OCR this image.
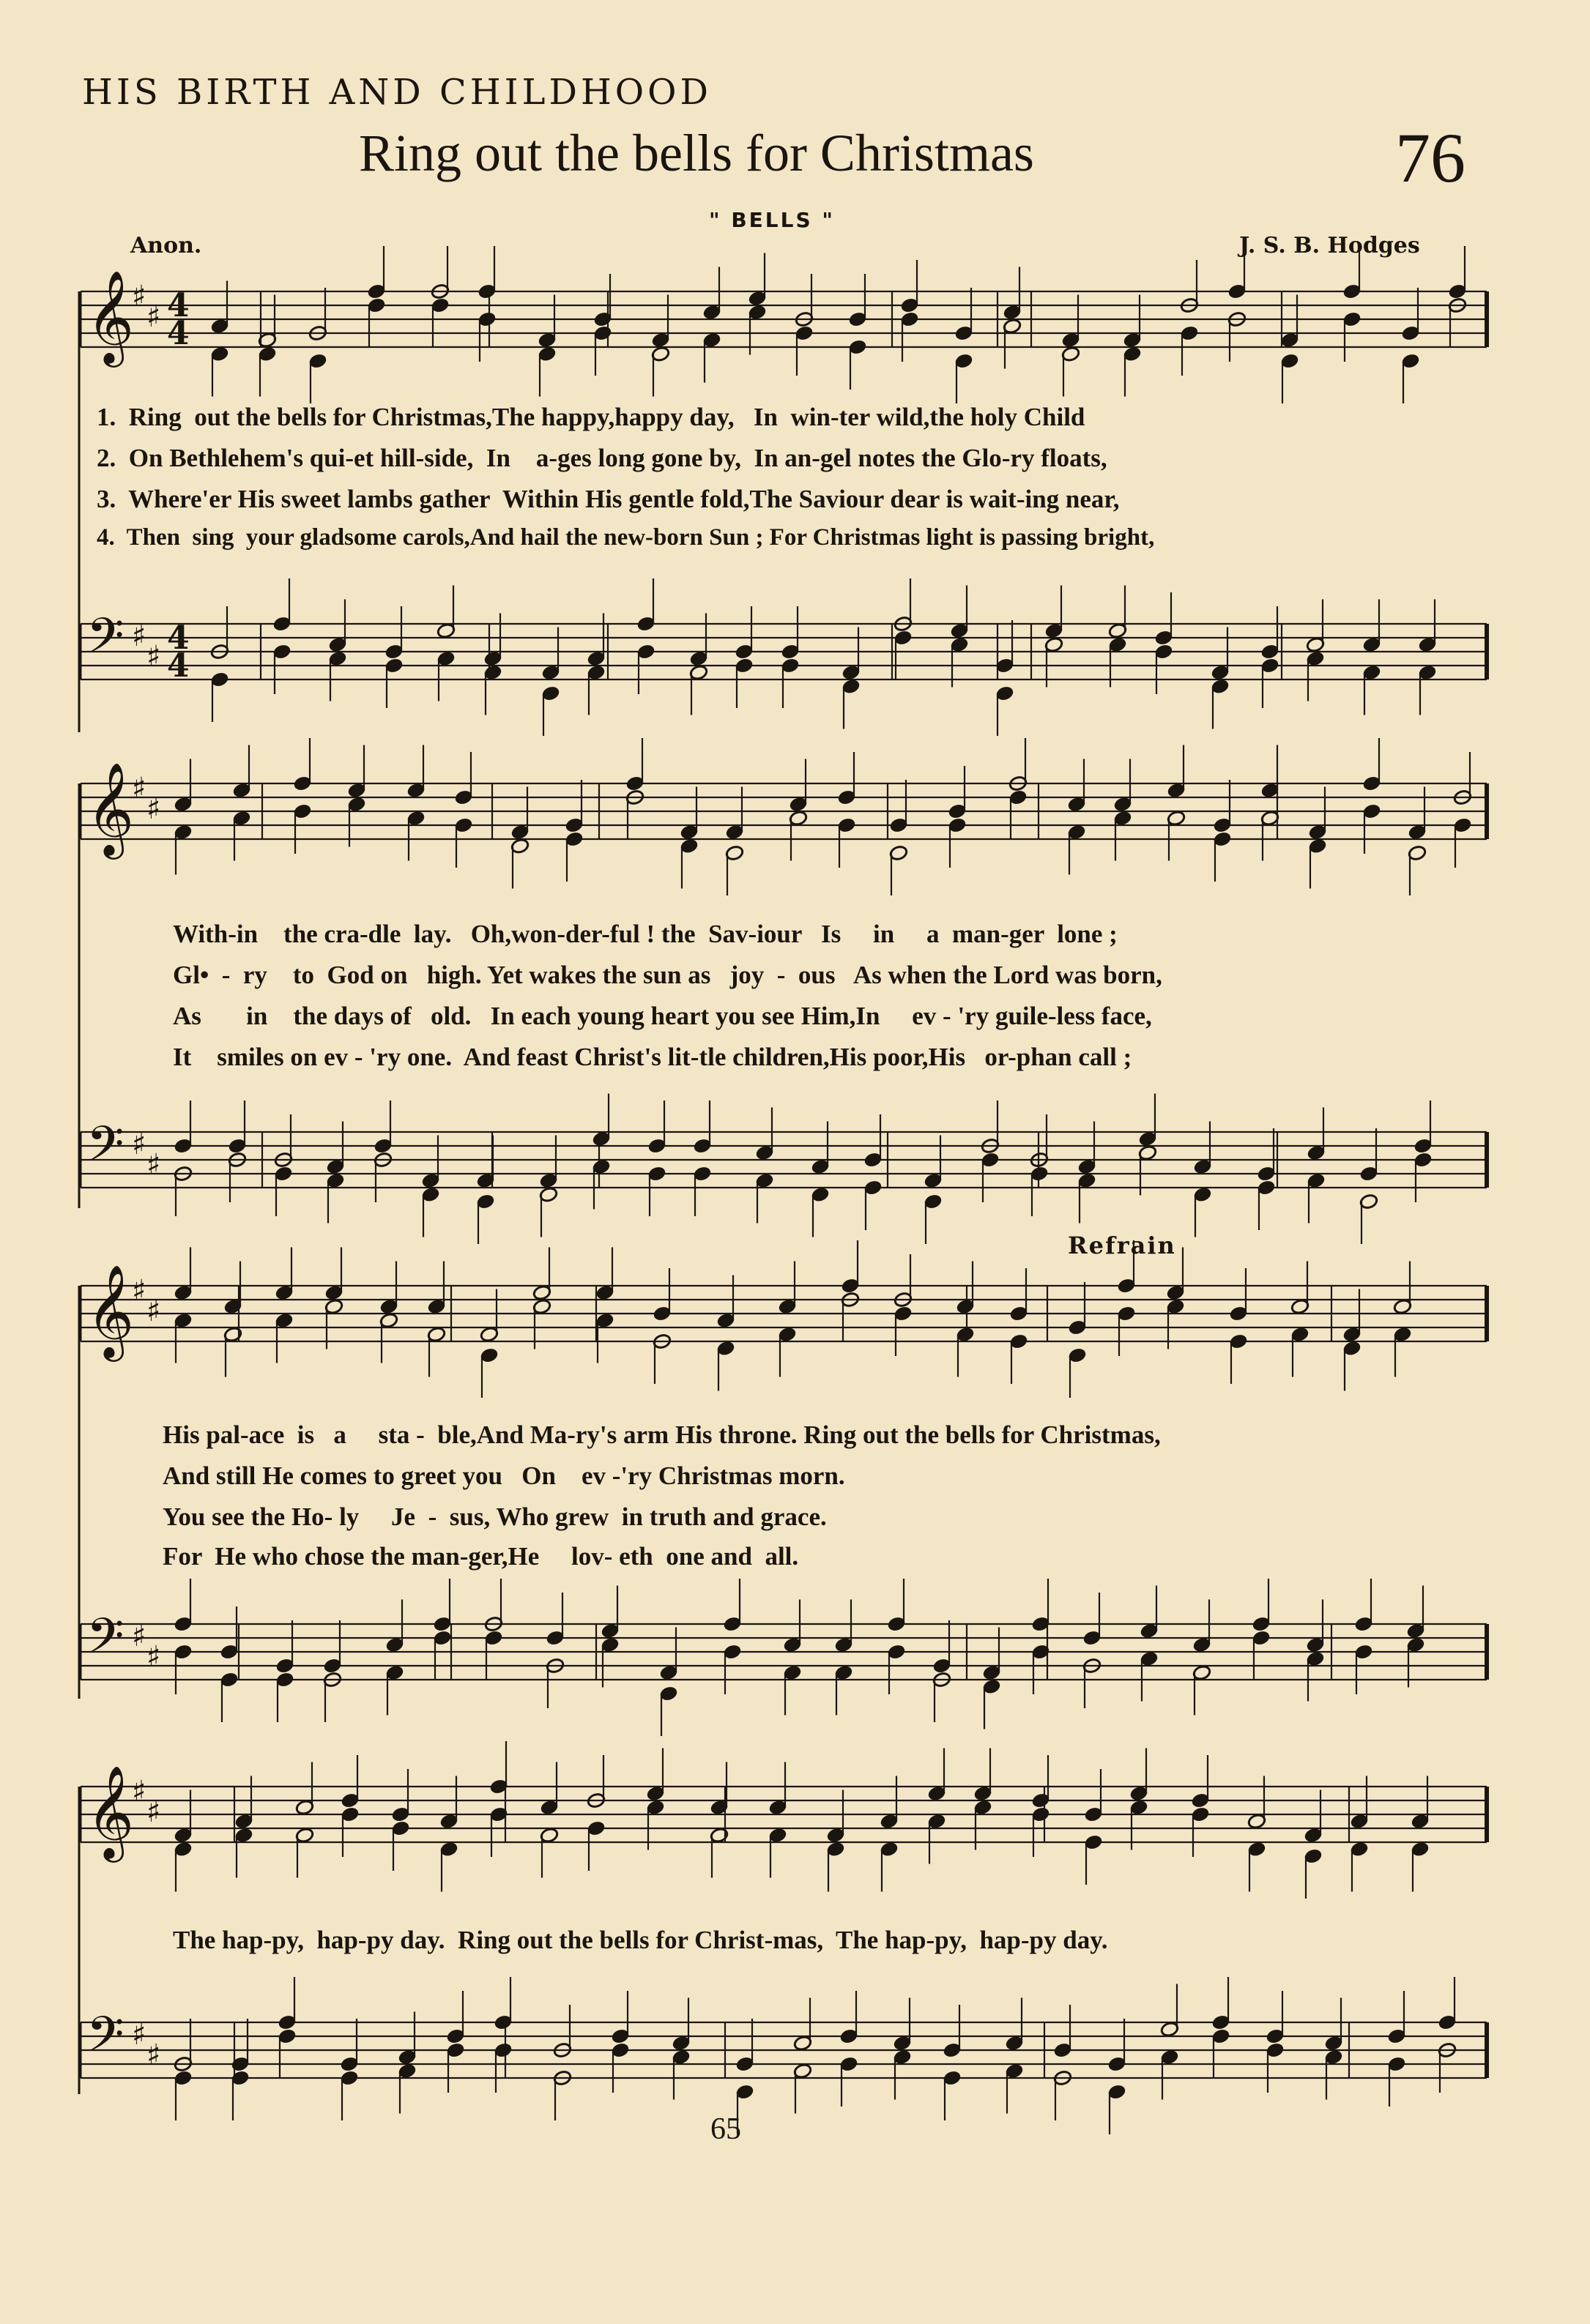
HIS BIRTH AND CHILDHOOD
Ring out the bells for Christmas	76
" BELLS "
Anon.	J. S. B. Hodges
𝄞
♯
♯ 4
4
𝄢 ♯
♯ 4
4
𝄞
♯
♯
𝄢 ♯
♯
𝄞
♯
♯
𝄢 ♯
♯
𝄞
♯
♯
𝄢 ♯
♯
1.  Ring  out the bells for Christmas,The happy,happy day,   In  win-ter wild,the holy Child
2.  On Bethlehem's qui-et hill-side,  In    a-ges long gone by,  In an-gel notes the Glo-ry floats,
3.  Where'er His sweet lambs gather  Within His gentle fold,The Saviour dear is wait-ing near,
4.  Then  sing  your gladsome carols,And hail the new-born Sun ; For Christmas light is passing bright,
With-in    the cra-dle  lay.   Oh,won-der-ful ! the  Sav-iour   Is     in     a  man-ger  lone ;
Gl•  -  ry    to  God on   high. Yet wakes the sun as   joy  -  ous   As when the Lord was born,
As       in    the days of   old.   In each young heart you see Him,In     ev - 'ry guile-less face,
It    smiles on ev - 'ry one.  And feast Christ's lit-tle children,His poor,His   or-phan call ;
Refrain
His pal-ace  is   a     sta -  ble,And Ma-ry's arm His throne. Ring out the bells for Christmas,
And still He comes to greet you   On    ev -'ry Christmas morn.
You see the Ho- ly     Je  -  sus, Who grew  in truth and grace.
For  He who chose the man-ger,He     lov- eth  one and  all.
The hap-py,  hap-py day.  Ring out the bells for Christ-mas,  The hap-py,  hap-py day.
65
